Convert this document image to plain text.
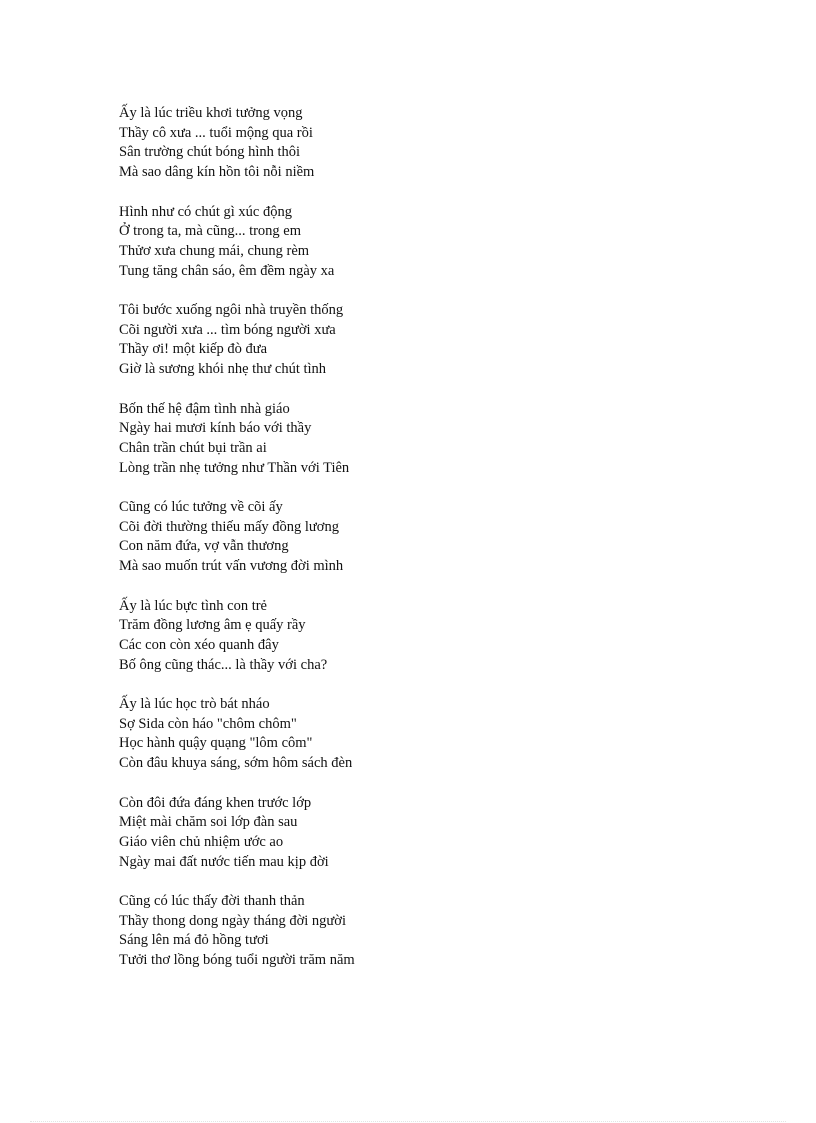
Ấy là lúc triều khơi tưởng vọng
Thầy cô xưa ... tuổi mộng qua rồi
Sân trường chút bóng hình thôi
Mà sao dâng kín hồn tôi nỗi niềm
Hình như có chút gì xúc động
Ở trong ta, mà cũng... trong em
Thửơ xưa chung mái, chung rèm
Tung tăng chân sáo, êm đềm ngày xa
Tôi bước xuống ngôi nhà truyền thống
Cõi người xưa ... tìm bóng người xưa
Thầy ơi! một kiếp đò đưa
Giờ là sương khói nhẹ thư chút tình
Bốn thế hệ đậm tình nhà giáo
Ngày hai mươi kính báo với thầy
Chân trần chút bụi trần ai
Lòng trần nhẹ tưởng như Thần với Tiên
Cũng có lúc tưởng về cõi ấy
Cõi đời thường thiếu mấy đồng lương
Con năm đứa, vợ vẫn thương
Mà sao muốn trút vấn vương đời mình
Ấy là lúc bực tình con trẻ
Trăm đồng lương âm ẹ quấy rầy
Các con còn xéo quanh đây
Bố ông cũng thác... là thầy với cha?
Ấy là lúc học trò bát nháo
Sợ Sida còn háo "chôm chôm"
Học hành quậy quạng "lôm côm"
Còn đâu khuya sáng, sớm hôm sách đèn
Còn đôi đứa đáng khen trước lớp
Miệt mài chăm soi lớp đàn sau
Giáo viên chủ nhiệm ước ao
Ngày mai đất nước tiến mau kịp đời
Cũng có lúc thấy đời thanh thản
Thầy thong dong ngày tháng đời người
Sáng lên má đỏ hồng tươi
Tưởi thơ lồng bóng tuổi người trăm năm
